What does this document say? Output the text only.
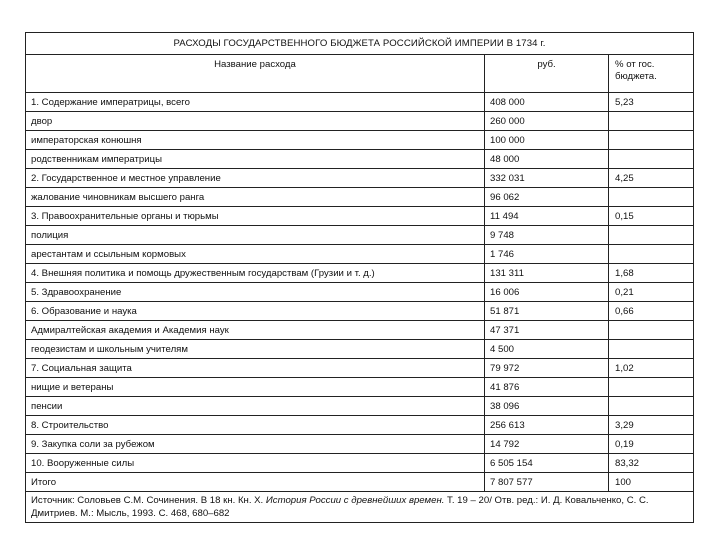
РАСХОДЫ ГОСУДАРСТВЕННОГО БЮДЖЕТА РОССИЙСКОЙ ИМПЕРИИ В 1734 г.		
Название расхода	руб.	% от гос. бюджета.
1. Содержание императрицы, всего	408 000	5,23
двор	260 000	
императорская конюшня	100 000	
родственникам императрицы	48 000	
2. Государственное и местное управление	332 031	4,25
жалование чиновникам высшего ранга	96 062	
3. Правоохранительные органы и тюрьмы	11 494	0,15
полиция	9 748	
арестантам и ссыльным кормовых	1 746	
4. Внешняя политика и помощь дружественным государствам (Грузии и т. д.)	131 311	1,68
5. Здравоохранение	16 006	0,21
6. Образование и наука	51 871	0,66
Адмиралтейская академия и Академия наук	47 371	
геодезистам и школьным учителям	4 500	
7. Социальная защита	79 972	1,02
нищие и ветераны	41 876	
пенсии	38 096	
8. Строительство	256 613	3,29
9. Закупка соли за рубежом	14 792	0,19
10. Вооруженные силы	6 505 154	83,32
Итого	7 807 577	100
Источник: Соловьев С.М. Сочинения. В 18 кн. Кн. X. История России с древнейших времен. Т. 19 – 20/ Отв. ред.: И. Д. Ковальченко, С. С. Дмитриев. М.: Мысль, 1993. С. 468, 680–682		
